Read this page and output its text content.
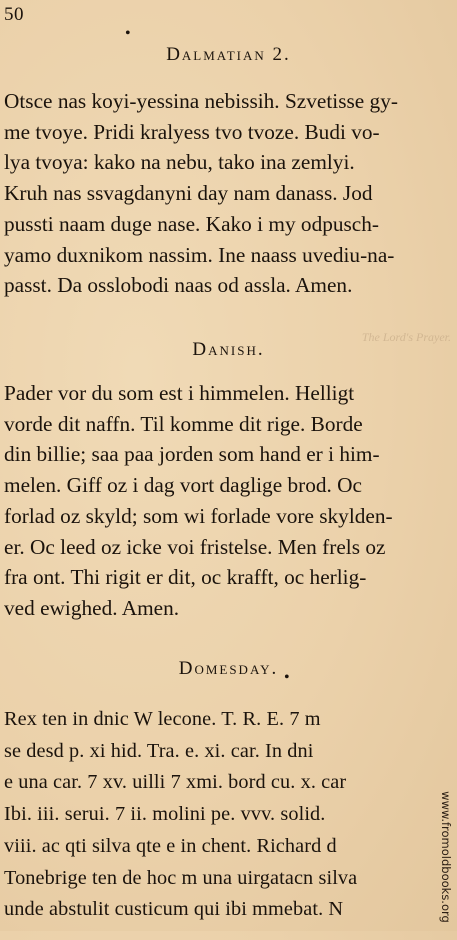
50
•
Dalmatian 2.
Otsce nas koyi-yessina nebissih. Szvetisse gy-
me tvoye. Pridi kralyess tvo tvoze. Budi vo-
lya tvoya: kako na nebu, tako ina zemlyi.
Kruh nas ssvagdanyni day nam danass. Jod
pussti naam duge nase. Kako i my odpusch-
yamo duxnikom nassim. Ine naass uvediu-na-
passt. Da osslobodi naas od assla. Amen.
The Lord's Prayer.
Danish.
Pader vor du som est i himmelen. Helligt
vorde dit naffn. Til komme dit rige. Borde
din billie; saa paa jorden som hand er i him-
melen. Giff oz i dag vort daglige brod. Oc
forlad oz skyld; som wi forlade vore skylden-
er. Oc leed oz icke voi fristelse. Men frels oz
fra ont. Thi rigit er dit, oc krafft, oc herlig-
ved ewighed. Amen.
•
Domesday.
Rex ten in dnic W lecone. T. R. E. 7 m
se desd p. xi hid. Tra. e. xi. car. In dni
e una car. 7 xv. uilli 7 xmi. bord cu. x. car
Ibi. iii. serui. 7 ii. molini pe. vvv. solid.
viii. ac qti silva qte e in chent. Richard d
Tonebrige ten de hoc m una uirgatacn silva
unde abstulit custicum qui ibi mmebat. N	www.fromoldbooks.org
